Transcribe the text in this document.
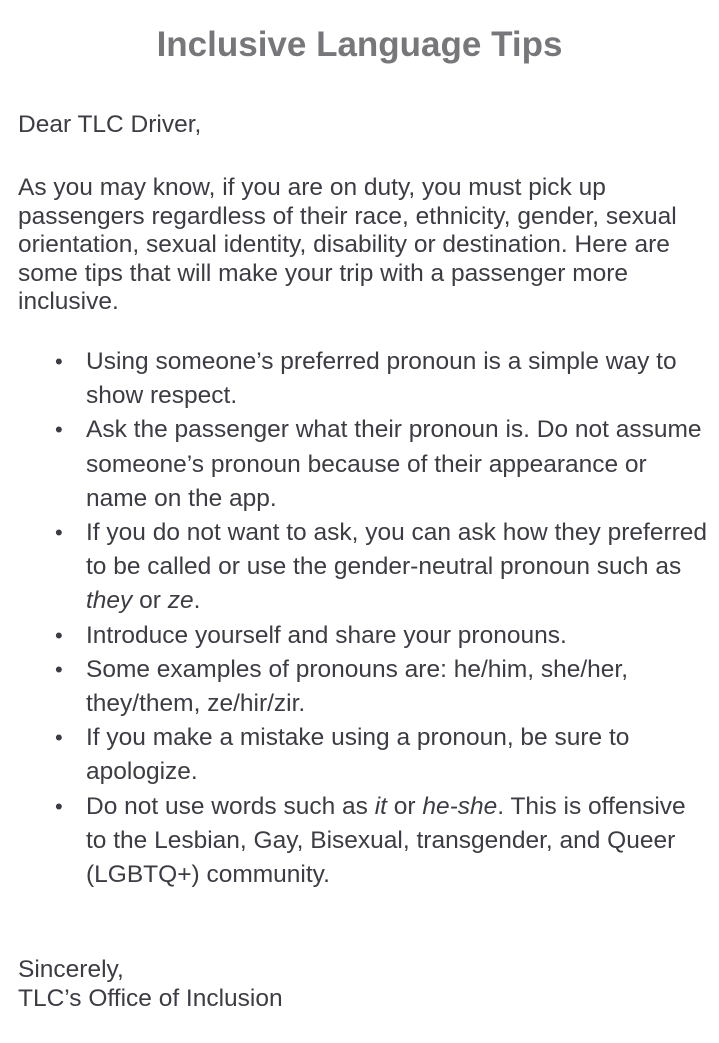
Inclusive Language Tips

Dear TLC Driver,

As you may know, if you are on duty, you must pick up passengers regardless of their race, ethnicity, gender, sexual orientation, sexual identity, disability or destination. Here are some tips that will make your trip with a passenger more inclusive.

• Using someone’s preferred pronoun is a simple way to show respect.
• Ask the passenger what their pronoun is. Do not assume someone’s pronoun because of their appearance or name on the app.
• If you do not want to ask, you can ask how they preferred to be called or use the gender-neutral pronoun such as they or ze.
• Introduce yourself and share your pronouns.
• Some examples of pronouns are: he/him, she/her, they/them, ze/hir/zir.
• If you make a mistake using a pronoun, be sure to apologize.
• Do not use words such as it or he-she. This is offensive to the Lesbian, Gay, Bisexual, transgender, and Queer (LGBTQ+) community.
Sincerely,
TLC’s Office of Inclusion
